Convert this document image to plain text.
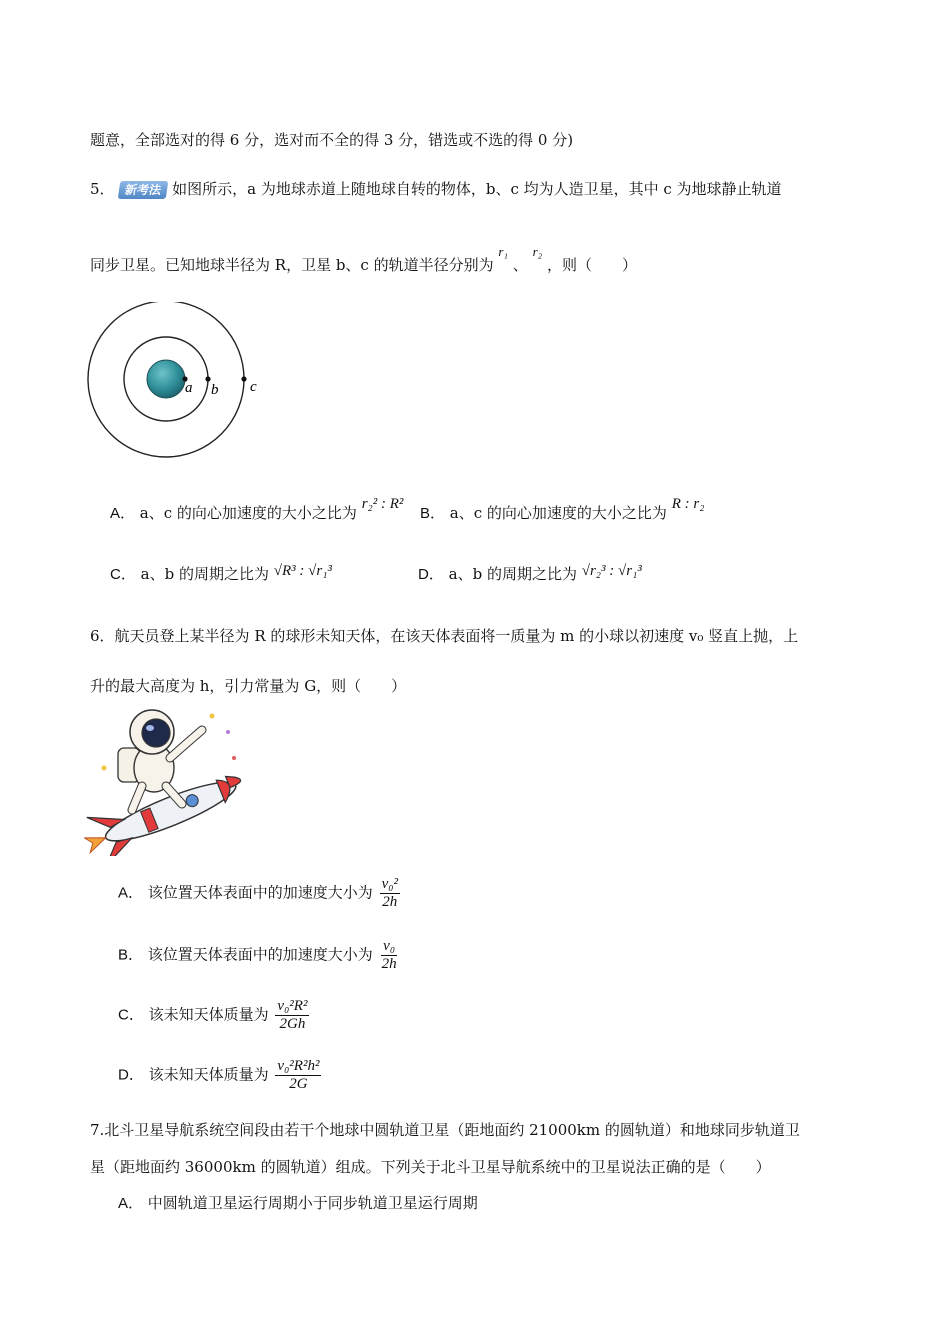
题意，全部选对的得 6 分，选对而不全的得 3 分，错选或不选的得 0 分)
5． 新考法 如图所示，a 为地球赤道上随地球自转的物体，b、c 均为人造卫星，其中 c 为地球静止轨道
同步卫星。已知地球半径为 R，卫星 b、c 的轨道半径分别为 r₁ 、 r₂ ，则（　　）
a b c
A． a、c 的向心加速度的大小之比为 r₂² : R²
B． a、c 的向心加速度的大小之比为 R : r₂
C． a、b 的周期之比为 √R³ : √r₁³	D． a、b 的周期之比为 √r₂³ : √r₁³
6．航天员登上某半径为 R 的球形未知天体，在该天体表面将一质量为 m 的小球以初速度 v₀ 竖直上抛，上
升的最大高度为 h，引力常量为 G，则（　　）
A． 该位置天体表面中的加速度大小为 $\frac{\text{v₀²}}{2h}$
B． 该位置天体表面中的加速度大小为 $\frac{\text{v₀}}{2h}$
C． 该未知天体质量为 $\frac{\text{v₀²R²}}{2Gh}$
D． 该未知天体质量为 $\frac{\text{v₀²R²h²}}{2G}$
7.北斗卫星导航系统空间段由若干个地球中圆轨道卫星（距地面约 21000km 的圆轨道）和地球同步轨道卫
星（距地面约 36000km 的圆轨道）组成。下列关于北斗卫星导航系统中的卫星说法正确的是（　　）
A． 中圆轨道卫星运行周期小于同步轨道卫星运行周期
